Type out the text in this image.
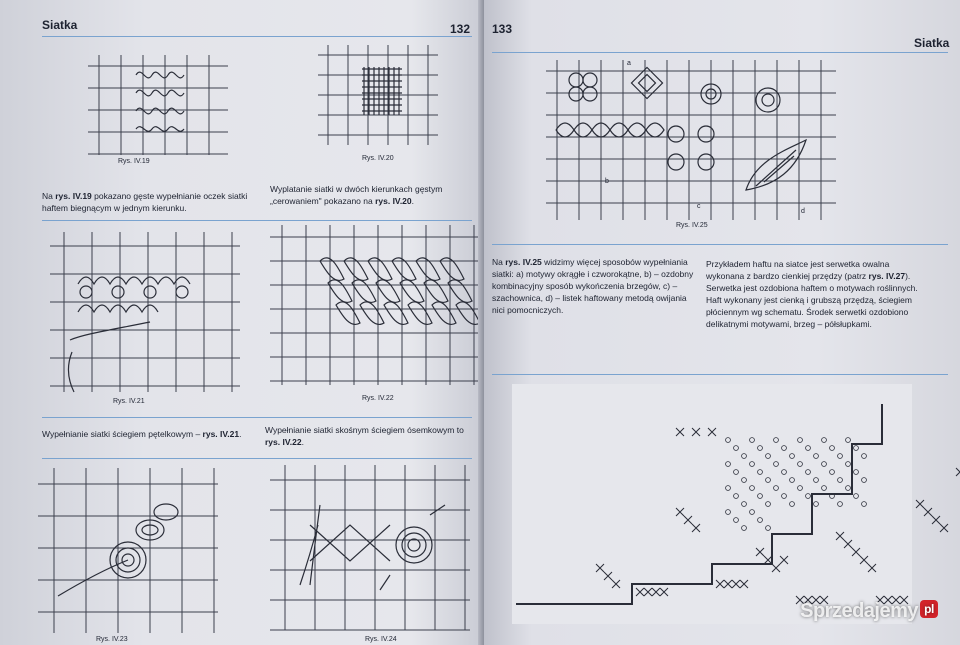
Siatka	132
Rys. IV.19	Rys. IV.20
Na rys. IV.19 pokazano gęste wypełnianie oczek siatki haftem biegnącym w jednym kierunku.
Wyplatanie siatki w dwóch kierunkach gęstym „cerowaniem" pokazano na rys. IV.20.
Rys. IV.21	Rys. IV.22
Wypełnianie siatki ściegiem pętelkowym – rys. IV.21.	Wypełnianie siatki skośnym ściegiem ósemkowym to rys. IV.22.
Rys. IV.23	Rys. IV.24
133
Siatka
a
b
c
d
Rys. IV.25
Na rys. IV.25 widzimy więcej sposobów wypełniania siatki: a) motywy okrągłe i czworokątne, b) – ozdobny kombinacyjny sposób wykończenia brzegów, c) – szachownica, d) – listek haftowany metodą owijania nici pomocniczych.
Przykładem haftu na siatce jest serwetka owalna wykonana z bardzo cienkiej przędzy (patrz rys. IV.27). Serwetka jest ozdobiona haftem o motywach roślinnych. Haft wykonany jest cienką i grubszą przędzą, ściegiem płóciennym wg schematu. Środek serwetki ozdobiono delikatnymi motywami, brzeg – półsłupkami.
Sprzedajemy pl
